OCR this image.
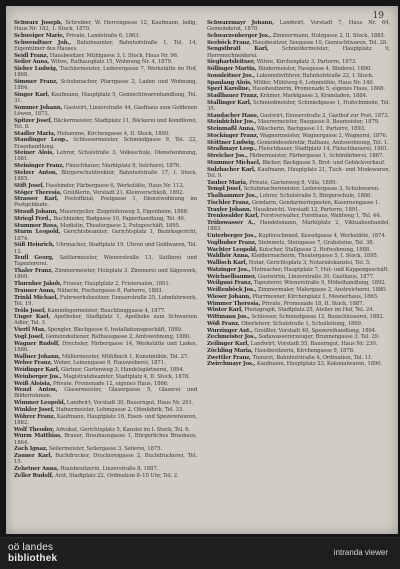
19
Schwarz Joseph, Schreiber, W. Herrengasse 12, Kaufmann, ledig, Haus Nr. 182, 1. Stock, 1870.
Schweiger Marie, Private, Landstraße 6, 1863.
Schwendtner Joh., Bahnbeamter, Bahnhofstraße 1, Tel. 14, Eigentümer des Hauses.
Seidl Franz, Hausbesitzer, Mühlgasse 3, I. Stock, Haus Nr. 96.
Seiler Anna, Witwe, Rathausplatz 15, Wohnung Nr. 4, 1879.
Sieber Ludwig, Tischlermeister, Lederergasse 7, Werkstätte im Hof, 1868.
Simmer Franz, Schuhmacher, Pfarrgasse 2, Laden und Wohnung, 1884.
Singer Karl, Kaufmann, Hauptplatz 5, Gemischtwarenhandlung, Tel. 31.
Sommer Johann, Gastwirt, Linzerstraße 44, Gasthaus zum Goldenen Löwen, 1872.
Spitzer Josef, Bäckermeister, Stadtplatz 11, Bäckerei und Konditorei, Tel. 8.
Stadler Maria, Hebamme, Kirchengasse 4, II. Stock, 1890.
Staudinger Leop., Schlossermeister, Schmiedgasse 9, Tel. 22, Eisenhandlung.
Steiner Alois, Lehrer, Schulstraße 3, Volksschule, Dienstwohnung, 1881.
Steininger Franz, Fleischhauer, Marktplatz 8, Selcherei, 1876.
Stelzer Anton, Bürgerschuldirektor, Bahnhofstraße 17, I. Stock, 1885.
Stift Josef, Fassbinder, Färbergasse 6, Werkstätte, Haus Nr. 112.
Stöger Theresia, Greißlerin, Vorstadt 21, Kleinverschleiß, 1892.
Strasser Karl, Postoffizial, Postgasse 1, Dienstwohnung im Postgebäude.
Strauß Johann, Maurerpolier, Ziegelofenweg 5, Eigenheim, 1888.
Striegl Ferd., Buchbinder, Badgasse 10, Papierhandlung, Tel. 40.
Stummer Rosa, Modistin, Theatergasse 2, Putzgeschäft, 1895.
Sturm Leopold, Gerichtsbeamter, Gerichtsplatz 1, Bezirksgericht, 1874.
Süß Heinrich, Uhrmacher, Stadtplatz 19, Uhren und Goldwaren, Tel. 12.
Teufl Georg, Sattlermeister, Wienerstraße 13, Sattlerei und Tapeziererei.
Thaler Franz, Zimmermeister, Holzplatz 3, Zimmerei und Sägewerk, 1869.
Thurnher Jakob, Friseur, Hauptplatz 2, Frisiersalon, 1891.
Trauner Anna, Näherin, Fischergasse 8, Parterre, 1883.
Trinkl Michael, Fuhrwerksbesitzer, Ennserstraße 25, Lohnfuhrwerk, Tel. 19.
Tröls Josef, Kaminfegermeister, Rauchfanggasse 4, 1877.
Unger Karl, Apotheker, Stadtplatz 1, Apotheke zum Schwarzen Adler, Tel. 3.
Viertl Max, Spengler, Blechgasse 6, Installationsgeschäft, 1889.
Vogl Josef, Gemeindediener, Rathausgasse 2, Amtswohnung, 1880.
Wagner Rudolf, Drechsler, Färbergasse 14, Werkstätte und Laden, 1886.
Wallner Johann, Müllermeister, Mühlbach 1, Kunstmühle, Tel. 27.
Weber Franz, Weber, Leinengasse 9, Hausweberei, 1871.
Weidinger Karl, Gärtner, Gartenweg 3, Handelsgärtnerei, 1894.
Weinberger Jos., Magistratsbeamter, Stadtplatz 4, II. Stock, 1878.
Weiß Aloisia, Private, Promenade 12, eigenes Haus, 1866.
Wenzl Anton, Glasermeister, Glasergasse 5, Glaserei und Bilderrahmen.
Wimmer Leopold, Landwirt, Vorstadt 30, Bauerngut, Haus Nr. 201.
Winkler Josef, Hafnermeister, Lehmgasse 2, Ofenfabrik, Tel. 33.
Wöhrer Franz, Kaufmann, Hauptplatz 16, Eisen- und Spezereiwaren, 1882.
Wolf Theodor, Advokat, Gerichtsplatz 5, Kanzlei im I. Stock, Tel. 6.
Wurm Matthias, Brauer, Brauhausgasse 1, Bürgerliches Brauhaus, 1864.
Zach Ignaz, Seilermeister, Seilergasse 3, Seilerei, 1875.
Zauner Karl, Buchdrucker, Druckereigasse 2, Buchdruckerei, Tel. 15.
Zehetner Anna, Hausbesitzerin, Linzerstraße 8, 1887.
Zeller Rudolf, Arzt, Stadtplatz 22, Ordination 8–10 Uhr, Tel. 2.
Schwarzmayr Johann, Landwirt, Vorstadt 7, Haus Nr. 64, Gemeinderat, 1870.
Schwarzenberger Jos., Zimmermann, Holzgasse 2, II. Stock, 1885.
Seeböck Franz, Hausbesitzer, Seegasse 10, Gemischtwaren, Tel. 28.
Sengstbratl Karl,	Schneidermeister, Hauptplatz 9, Herrenschneiderei.
Sieghartsleitner, Witwe, Kirchenplatz 3, Parterre, 1873.
Söllinger Martin, Bindermeister, Fassgasse 4, Binderei, 1890.
Sonnleitner Jos., Lokomotivführer, Bahnhofstraße 22, I. Stock.
Spanlang Alois, Müller, Mühlweg 6, Lohnmühle, Haus Nr. 140.
Sperl Karoline, Hausbesitzerin, Promenade 5, eigenes Haus, 1868.
Stadlbauer Franz, Krämer, Marktgasse 3, Kramladen, 1884.
Stallinger Karl, Schmiedmeister, Schmiedgasse 1, Hufschmiede, Tel. 35.
Staudacher Hans, Gastwirt, Ennserstraße 2, Gasthof zur Post, 1872.
Steinbichler Jos., Maurermeister, Baugasse 8, Baumeister, 1879.
Steinmaßl Anna, Wäscherin, Bachgasse 11, Parterre, 1893.
Stockinger Franz, Wagnermeister, Wagnergasse 2, Wagnerei, 1876.
Stöttner Ludwig, Gemeindesekretär, Rathaus, Amtswohnung, Tel. 1.
Straßmayr Leop., Fleischhauer, Stadtplatz 14, Fleischhauerei, 1881.
Streicher Jos., Färbermeister, Färbergasse 1, Schönfärberei, 1867.
Stummer Michael, Bäcker, Backgasse 5, Brot- und Gebäckverkauf.
Sulzbacher Karl, Kaufmann, Hauptplatz 21, Tuch- und Modewaren, Tel. 9.
Tauber Maria, Private, Gartenweg 8, Villa, 1889.
Templ Josef, Schuhmachermeister, Lederergasse 3, Schuhwaren.
Thalhammer Jos., Lehrer, Schulstraße 5, Bürgerschule, 1886.
Tischler Franz, Gendarm, Gendarmerieposten, Kasernengasse 1.
Traxler Johann, Hausknecht, Vorstadt 12, Parterre, 1891.
Trenkwalder Karl, Forstverwalter, Forsthaus, Waldweg 1, Tel. 44.
Trübswasser A., Handelsmann, Marktplatz 2, Viktualienhandel, 1883.
Unterberger Jos., Kupferschmied, Kesselgasse 4, Werkstätte, 1874.
Voglhuber Franz, Steinmetz, Steingasse 7, Grabsteine, Tel. 38.
Wachter Leopold, Kutscher, Stallgasse 2, Hofwohnung, 1888.
Waldhör Anna, Kleidermacherin, Theatergasse 5, I. Stock, 1895.
Wallisch Karl, Notar, Gerichtsplatz 3, Notariatskanzlei, Tel. 5.
Watzinger Jos., Hutmacher, Hauptplatz 7, Hut- und Kappengeschäft.
Weichselbaumer, Gastwirtin, Linzerstraße 30, Gasthaus, 1877.
Weilguni Franz, Tapezierer, Wienerstraße 9, Möbelhandlung, 1892.
Weißenböck Jos., Zimmermaler, Malergasse 2, Anstreicherei, 1880.
Wieser Johann, Pfarrmesner, Kirchenplatz 1, Mesnerhaus, 1865.
Wimmer Theresia, Private, Promenade 18, II. Stock, 1887.
Winter Karl, Photograph, Stadtplatz 25, Atelier im Hof, Tel. 24.
Wittmann Jos., Schlosser, Schmiedgasse 12, Bauschlosserei, 1882.
Wöß Franz, Oberlehrer, Schulstraße 1, Schulleitung, 1869.
Wurzinger Ant., Greißler, Vorstadt 40, Spezereihandlung, 1894.
Zechmeister Jos., Sodawassererzeuger, Brunnengasse 3, Tel. 29.
Zeilinger Karl, Landwirt, Vorstadt 55, Bauerngut, Haus Nr. 230.
Zöchling Maria, Hausbesitzerin, Kirchengasse 9, 1878.
Zwettler Franz, Tierarzt, Bahnhofstraße 4, Ordination, Tel. 11.
Zwirchmayr Jos., Kaufmann, Hauptplatz 23, Kolonialwaren, 1890.
oö landes
bibliothek
intranda viewer
